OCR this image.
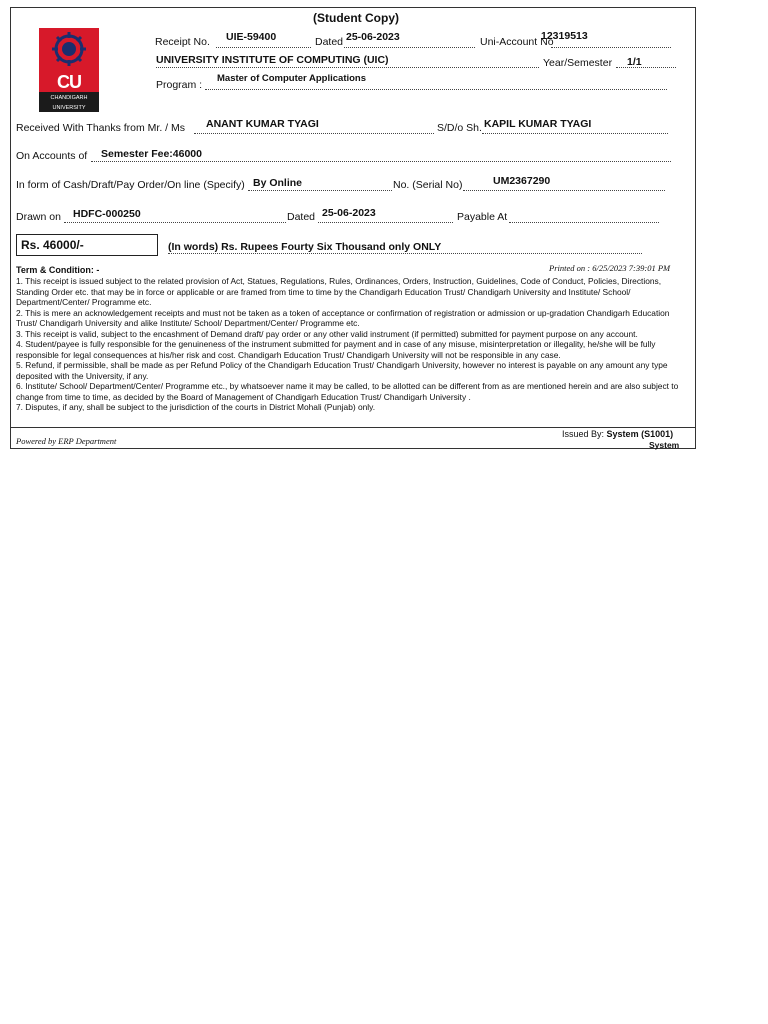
(Student Copy)
CU
CHANDIGARH
UNIVERSITY
Receipt No. UIE-59400	Dated 25-06-2023	Uni-Account No
12319513
UNIVERSITY INSTITUTE OF COMPUTING (UIC)	Year/Semester 1/1
Program :
Master of Computer Applications
Received With Thanks from Mr. / Ms ANANT KUMAR TYAGI	S/D/o Sh. KAPIL KUMAR TYAGI
On Accounts of Semester Fee:46000
In form of Cash/Draft/Pay Order/On line (Specify) By Online	No. (Serial No)	UM2367290
Drawn on HDFC-000250	Dated 25-06-2023	Payable At
Rs. 46000/-	(In words) Rs. Rupees Fourty Six Thousand only ONLY
Term & Condition: -	Printed on : 6/25/2023 7:39:01 PM

1. This receipt is issued subject to the related provision of Act, Statues, Regulations, Rules, Ordinances, Orders, Instruction, Guidelines, Code of Conduct, Policies, Directions, Standing Order etc. that may be in force or applicable or are framed from time to time by the Chandigarh Education Trust/ Chandigarh University and Institute/ School/ Department/Center/ Programme etc.

2. This is mere an acknowledgement receipts and must not be taken as a token of acceptance or confirmation of registration or admission or up-gradation Chandigarh Education Trust/ Chandigarh University and alike Institute/ School/ Department/Center/ Programme etc.

3. This receipt is valid, subject to the encashment of Demand draft/ pay order or any other valid instrument (if permitted) submitted for payment purpose on any account.

4. Student/payee is fully responsible for the genuineness of the instrument submitted for payment and in case of any misuse, misinterpretation or illegality, he/she will be fully responsible for legal consequences at his/her risk and cost. Chandigarh Education Trust/ Chandigarh University will not be responsible in any case.

5. Refund, if permissible, shall be made as per Refund Policy of the Chandigarh Education Trust/ Chandigarh University, however no interest is payable on any amount any type deposited with the University, if any.

6. Institute/ School/ Department/Center/ Programme etc., by whatsoever name it may be called, to be allotted can be different from as are mentioned herein and are also subject to change from time to time, as decided by the Board of Management of Chandigarh Education Trust/ Chandigarh University .

7. Disputes, if any, shall be subject to the jurisdiction of the courts in District Mohali (Punjab) only.

Powered by ERP Department
Issued By: System (S1001)
System
